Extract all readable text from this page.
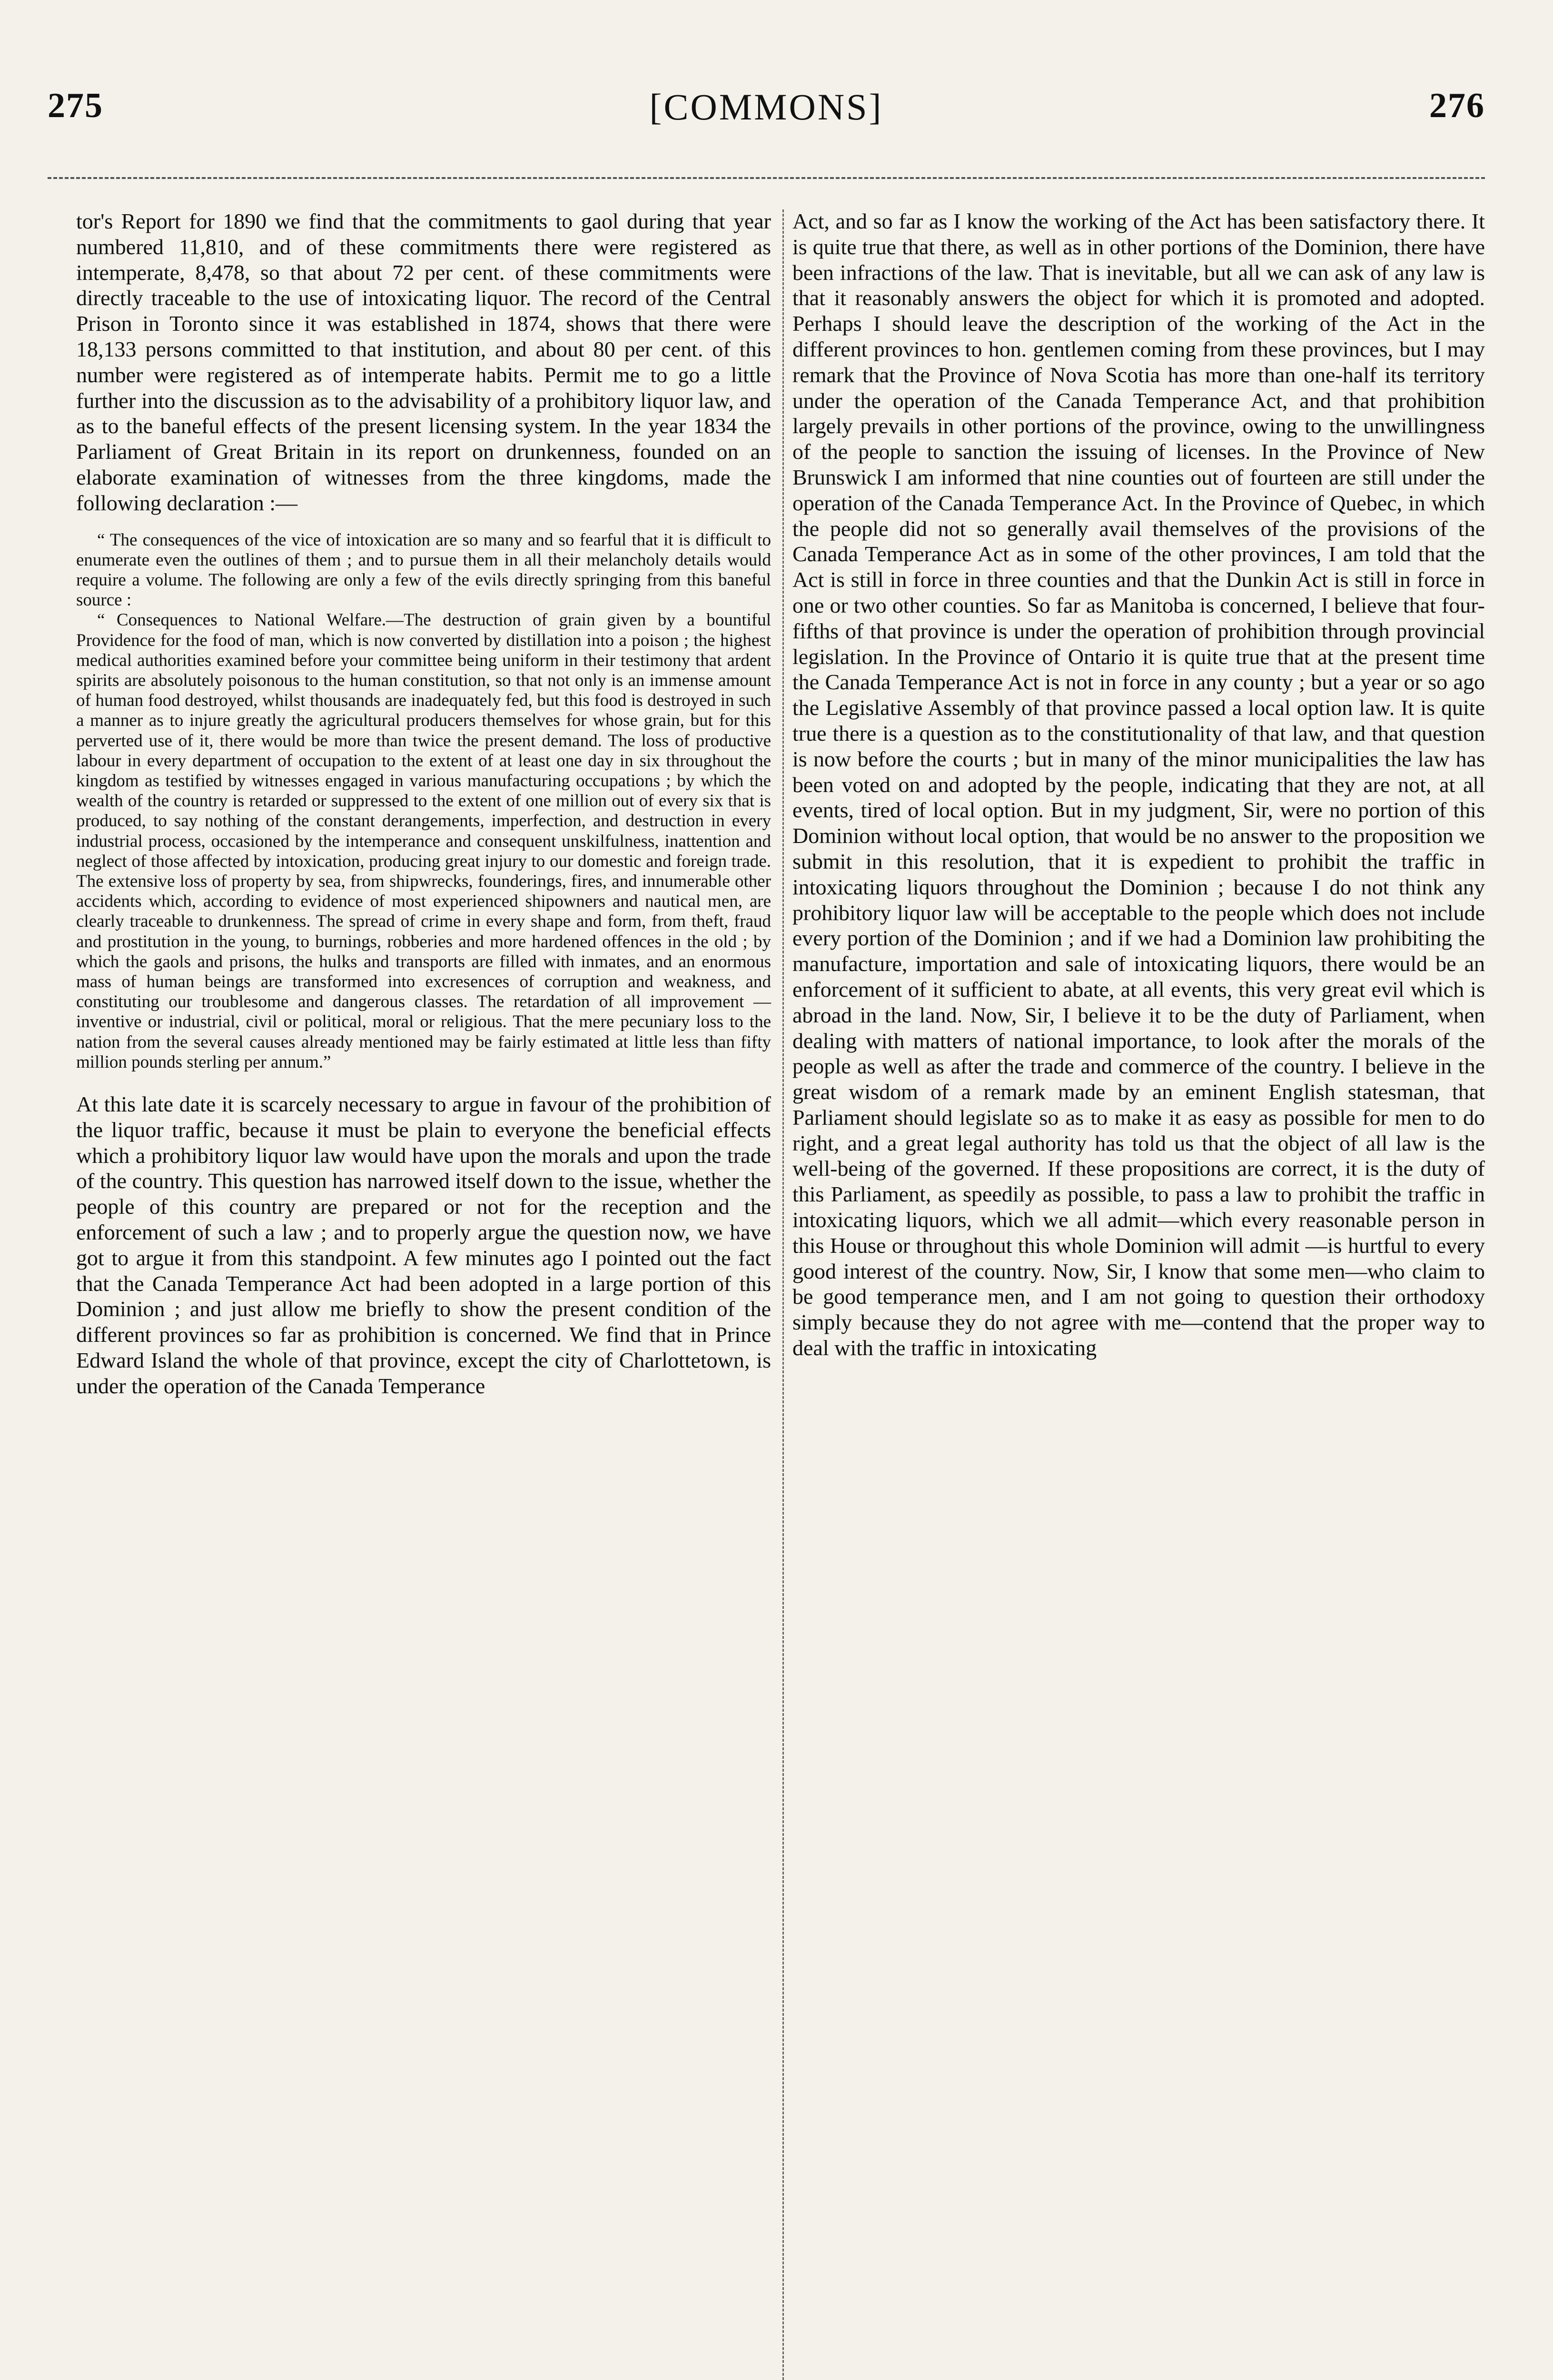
275	[COMMONS]	276

tor's Report for 1890 we find that the commitments to gaol during that year numbered 11,810, and of these commitments there were registered as intemperate, 8,478, so that about 72 per cent. of these commitments were directly traceable to the use of intoxicating liquor. The record of the Central Prison in Toronto since it was established in 1874, shows that there were 18,133 persons committed to that institution, and about 80 per cent. of this number were registered as of intemperate habits. Permit me to go a little further into the discussion as to the advisability of a prohibitory liquor law, and as to the baneful effects of the present licensing system. In the year 1834 the Parliament of Great Britain in its report on drunkenness, founded on an elaborate examination of witnesses from the three kingdoms, made the following declaration :—

“ The consequences of the vice of intoxication are so many and so fearful that it is difficult to enumerate even the outlines of them ; and to pursue them in all their melancholy details would require a volume. The following are only a few of the evils directly springing from this baneful source :

“ Consequences to National Welfare.—The destruction of grain given by a bountiful Providence for the food of man, which is now converted by distillation into a poison ; the highest medical authorities examined before your committee being uniform in their testimony that ardent spirits are absolutely poisonous to the human constitution, so that not only is an immense amount of human food destroyed, whilst thousands are inadequately fed, but this food is destroyed in such a manner as to injure greatly the agricultural producers themselves for whose grain, but for this perverted use of it, there would be more than twice the present demand. The loss of productive labour in every department of occupation to the extent of at least one day in six throughout the kingdom as testified by witnesses engaged in various manufacturing occupations ; by which the wealth of the country is retarded or suppressed to the extent of one million out of every six that is produced, to say nothing of the constant derangements, imperfection, and destruction in every industrial process, occasioned by the intemperance and consequent unskilfulness, inattention and neglect of those affected by intoxication, producing great injury to our domestic and foreign trade. The extensive loss of property by sea, from shipwrecks, founderings, fires, and innumerable other accidents which, according to evidence of most experienced shipowners and nautical men, are clearly traceable to drunkenness. The spread of crime in every shape and form, from theft, fraud and prostitution in the young, to burnings, robberies and more hardened offences in the old ; by which the gaols and prisons, the hulks and transports are filled with inmates, and an enormous mass of human beings are transformed into excresences of corruption and weakness, and constituting our troublesome and dangerous classes. The retardation of all improvement —inventive or industrial, civil or political, moral or religious. That the mere pecuniary loss to the nation from the several causes already mentioned may be fairly estimated at little less than fifty million pounds sterling per annum.”

At this late date it is scarcely necessary to argue in favour of the prohibition of the liquor traffic, because it must be plain to everyone the beneficial effects which a prohibitory liquor law would have upon the morals and upon the trade of the country. This question has narrowed itself down to the issue, whether the people of this country are prepared or not for the reception and the enforcement of such a law ; and to properly argue the question now, we have got to argue it from this standpoint. A few minutes ago I pointed out the fact that the Canada Temperance Act had been adopted in a large portion of this Dominion ; and just allow me briefly to show the present condition of the different provinces so far as prohibition is concerned. We find that in Prince Edward Island the whole of that province, except the city of Charlottetown, is under the operation of the Canada Temperance

Act, and so far as I know the working of the Act has been satisfactory there. It is quite true that there, as well as in other portions of the Dominion, there have been infractions of the law. That is inevitable, but all we can ask of any law is that it reasonably answers the object for which it is promoted and adopted. Perhaps I should leave the description of the working of the Act in the different provinces to hon. gentlemen coming from these provinces, but I may remark that the Province of Nova Scotia has more than one-half its territory under the operation of the Canada Temperance Act, and that prohibition largely prevails in other portions of the province, owing to the unwillingness of the people to sanction the issuing of licenses. In the Province of New Brunswick I am informed that nine counties out of fourteen are still under the operation of the Canada Temperance Act. In the Province of Quebec, in which the people did not so generally avail themselves of the provisions of the Canada Temperance Act as in some of the other provinces, I am told that the Act is still in force in three counties and that the Dunkin Act is still in force in one or two other counties. So far as Manitoba is concerned, I believe that four-fifths of that province is under the operation of prohibition through provincial legislation. In the Province of Ontario it is quite true that at the present time the Canada Temperance Act is not in force in any county ; but a year or so ago the Legislative Assembly of that province passed a local option law. It is quite true there is a question as to the constitutionality of that law, and that question is now before the courts ; but in many of the minor municipalities the law has been voted on and adopted by the people, indicating that they are not, at all events, tired of local option. But in my judgment, Sir, were no portion of this Dominion without local option, that would be no answer to the proposition we submit in this resolution, that it is expedient to prohibit the traffic in intoxicating liquors throughout the Dominion ; because I do not think any prohibitory liquor law will be acceptable to the people which does not include every portion of the Dominion ; and if we had a Dominion law prohibiting the manufacture, importation and sale of intoxicating liquors, there would be an enforcement of it sufficient to abate, at all events, this very great evil which is abroad in the land. Now, Sir, I believe it to be the duty of Parliament, when dealing with matters of national importance, to look after the morals of the people as well as after the trade and commerce of the country. I believe in the great wisdom of a remark made by an eminent English statesman, that Parliament should legislate so as to make it as easy as possible for men to do right, and a great legal authority has told us that the object of all law is the well-being of the governed. If these propositions are correct, it is the duty of this Parliament, as speedily as possible, to pass a law to prohibit the traffic in intoxicating liquors, which we all admit—which every reasonable person in this House or throughout this whole Dominion will admit —is hurtful to every good interest of the country. Now, Sir, I know that some men—who claim to be good temperance men, and I am not going to question their orthodoxy simply because they do not agree with me—contend that the proper way to deal with the traffic in intoxicating
